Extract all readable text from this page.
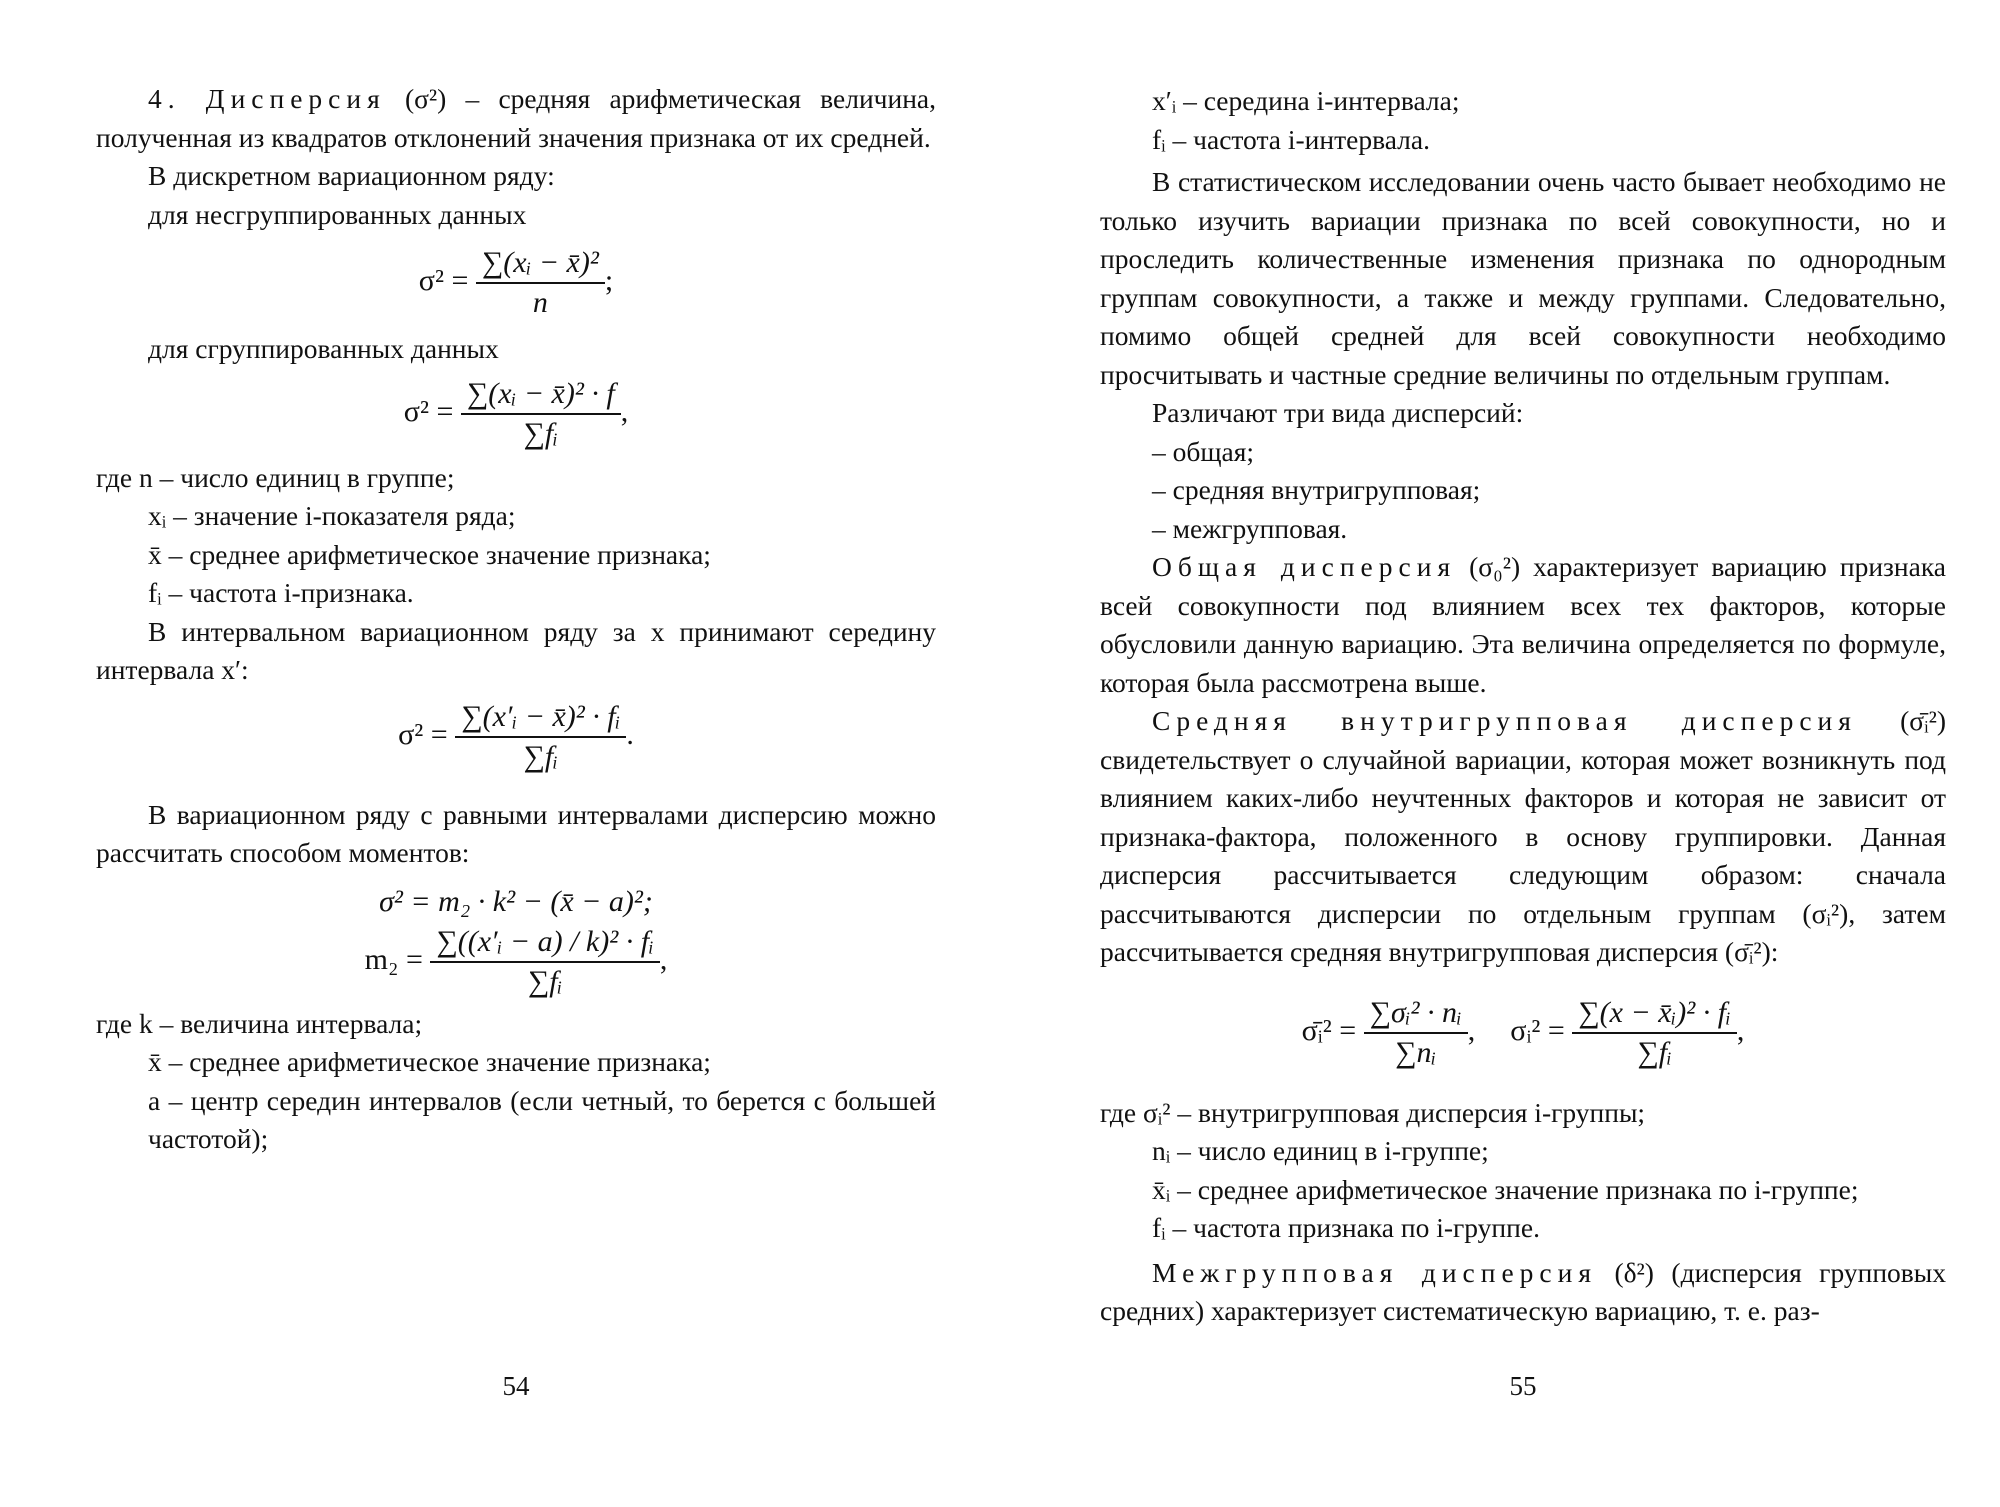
4. Дисперсия (σ²) – средняя арифметическая величина, полученная из квадратов отклонений значения признака от их средней.

В дискретном вариационном ряду:

для несгруппированных данных

$\sigma^2 = \frac{\text{∑(xᵢ − x̄)²}}{n}$ ;

для сгруппированных данных

$\sigma^2 = \frac{\text{∑(xᵢ − x̄)² · f}}{\text{∑fᵢ}}$ ,
где n – число единиц в группе;
xᵢ – значение i-показателя ряда;
x̄ – среднее арифметическое значение признака;
fᵢ – частота i-признака.

В интервальном вариационном ряду за x принимают середину интервала x′:

$\sigma^2 = \frac{\text{∑(x′ᵢ − x̄)² · fᵢ}}{\text{∑fᵢ}}$ .

В вариационном ряду с равными интервалами дисперсию можно рассчитать способом моментов:

σ² = m₂ · k² − (x̄ − a)²;
$m_2 = \frac{\text{∑((x′ᵢ − a) / k)² · fᵢ}}{\text{∑fᵢ}}$ ,
где k – величина интервала;
x̄ – среднее арифметическое значение признака;
a – центр середин интервалов (если четный, то берется с большей частотой);
54
x′ᵢ – середина i-интервала;
fᵢ – частота i-интервала.

В статистическом исследовании очень часто бывает необходимо не только изучить вариации признака по всей совокупности, но и проследить количественные изменения признака по однородным группам совокупности, а также и между группами. Следовательно, помимо общей средней для всей совокупности необходимо просчитывать и частные средние величины по отдельным группам.

Различают три вида дисперсий:

– общая;
– средняя внутригрупповая;
– межгрупповая.

Общая дисперсия (σ₀²) характеризует вариацию признака всей совокупности под влиянием всех тех факторов, которые обусловили данную вариацию. Эта величина определяется по формуле, которая была рассмотрена выше.

Средняя внутригрупповая дисперсия (σ̄ᵢ²) свидетельствует о случайной вариации, которая может возникнуть под влиянием каких-либо неучтенных факторов и которая не зависит от признака-фактора, положенного в основу группировки. Данная дисперсия рассчитывается следующим образом: сначала рассчитываются дисперсии по отдельным группам (σᵢ²), затем рассчитывается средняя внутригрупповая дисперсия (σ̄ᵢ²):

σ̄ᵢ² = $\frac{\text{∑σᵢ² · nᵢ}}{\text{∑nᵢ}}$ , σᵢ² = $\frac{\text{∑(x − x̄ᵢ)² · fᵢ}}{\text{∑fᵢ}}$ ,
где σᵢ² – внутригрупповая дисперсия i-группы;
nᵢ – число единиц в i-группе;
x̄ᵢ – среднее арифметическое значение признака по i-группе;
fᵢ – частота признака по i-группе.

Межгрупповая дисперсия (δ²) (дисперсия групповых средних) характеризует систематическую вариацию, т. е. раз-

55
